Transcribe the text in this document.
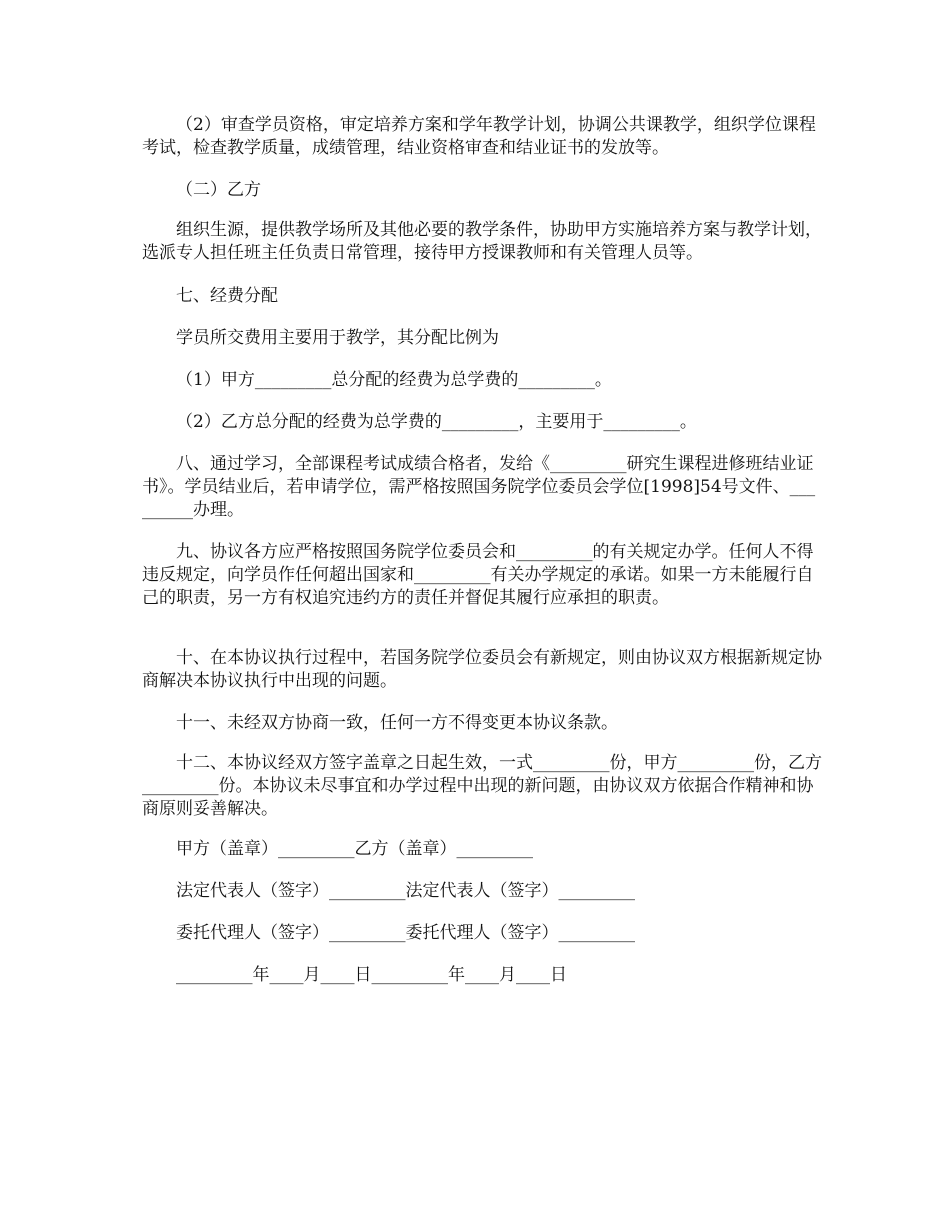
（2）审查学员资格，审定培养方案和学年教学计划，协调公共课教学，组织学位课程考试，检查教学质量，成绩管理，结业资格审查和结业证书的发放等。

（二）乙方

组织生源，提供教学场所及其他必要的教学条件，协助甲方实施培养方案与教学计划，选派专人担任班主任负责日常管理，接待甲方授课教师和有关管理人员等。

七、经费分配

学员所交费用主要用于教学，其分配比例为

（1）甲方_________总分配的经费为总学费的_________。

（2）乙方总分配的经费为总学费的_________，主要用于_________。

八、通过学习，全部课程考试成绩合格者，发给《_________研究生课程进修班结业证书》。学员结业后，若申请学位，需严格按照国务院学位委员会学位[1998]54号文件、_________办理。

九、协议各方应严格按照国务院学位委员会和_________的有关规定办学。任何人不得违反规定，向学员作任何超出国家和_________有关办学规定的承诺。如果一方未能履行自己的职责，另一方有权追究违约方的责任并督促其履行应承担的职责。

十、在本协议执行过程中，若国务院学位委员会有新规定，则由协议双方根据新规定协商解决本协议执行中出现的问题。

十一、未经双方协商一致，任何一方不得变更本协议条款。

十二、本协议经双方签字盖章之日起生效，一式_________份，甲方_________份，乙方_________份。本协议未尽事宜和办学过程中出现的新问题，由协议双方依据合作精神和协商原则妥善解决。

甲方（盖章）_________乙方（盖章）_________

法定代表人（签字）_________法定代表人（签字）_________

委托代理人（签字）_________委托代理人（签字）_________

_________年____月____日_________年____月____日
